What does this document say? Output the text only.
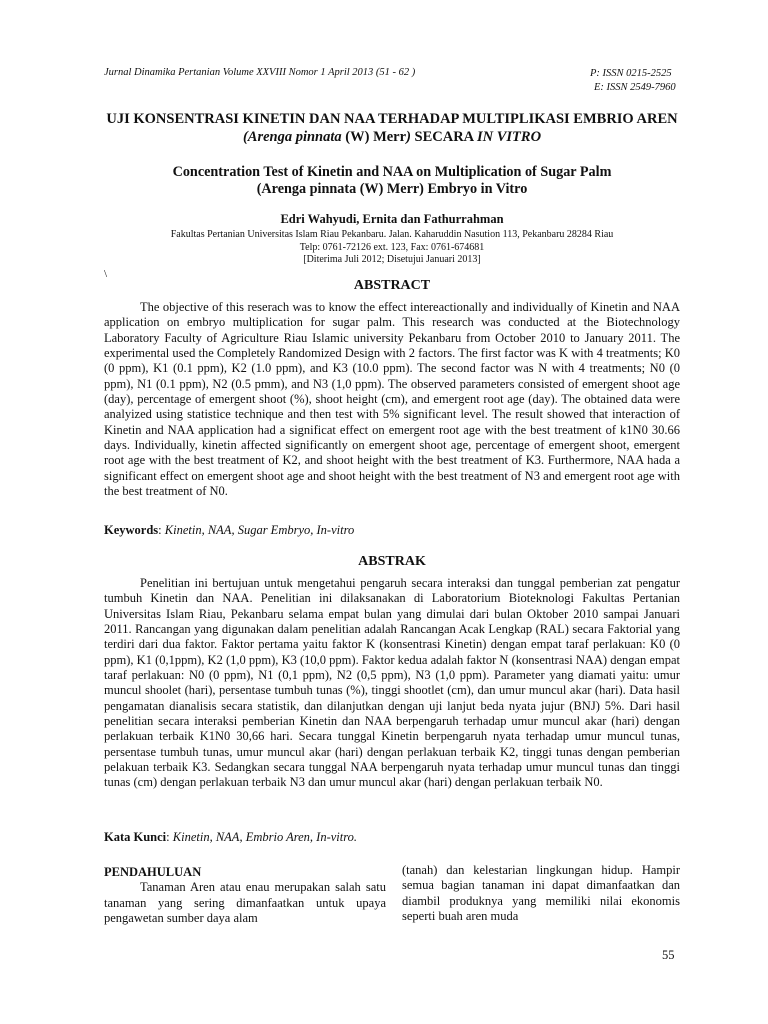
Jurnal Dinamika Pertanian Volume XXVIII Nomor 1 April 2013 (51 - 62 )	P: ISSN 0215-2525
E: ISSN 2549-7960
UJI KONSENTRASI KINETIN DAN NAA TERHADAP MULTIPLIKASI EMBRIO AREN (Arenga pinnata (W) Merr) SECARA IN VITRO
Concentration Test of Kinetin and NAA on Multiplication of Sugar Palm
(Arenga pinnata (W) Merr) Embryo in Vitro
Edri Wahyudi, Ernita dan Fathurrahman
Fakultas Pertanian Universitas Islam Riau Pekanbaru. Jalan. Kaharuddin Nasution 113, Pekanbaru 28284 Riau
Telp: 0761-72126 ext. 123, Fax: 0761-674681
[Diterima Juli 2012; Disetujui Januari 2013]
\
ABSTRACT

The objective of this reserach was to know the effect intereactionally and individually of Kinetin and NAA application on embryo multiplication for sugar palm. This research was conducted at the Biotechnology Laboratory Faculty of Agriculture Riau Islamic university Pekanbaru from October 2010 to January 2011. The experimental used the Completely Randomized Design with 2 factors. The first factor was K with 4 treatments; K0 (0 ppm), K1 (0.1 ppm), K2 (1.0 ppm), and K3 (10.0 ppm). The second factor was N with 4 treatments; N0 (0 ppm), N1 (0.1 ppm), N2 (0.5 pmm), and N3 (1,0 ppm). The observed parameters consisted of emergent shoot age (day), percentage of emergent shoot (%), shoot height (cm), and emergent root age (day). The obtained data were analyized using statistice technique and then test with 5% significant level. The result showed that interaction of Kinetin and NAA application had a significat effect on emergent root age with the best treatment of k1N0 30.66 days. Individually, kinetin affected significantly on emergent shoot age, percentage of emergent shoot, emergent root age with the best treatment of K2, and shoot height with the best treatment of K3. Furthermore, NAA hada a significant effect on emergent shoot age and shoot height with the best treatment of N3 and emergent root age with the best treatment of N0.

Keywords: Kinetin, NAA, Sugar Embryo, In-vitro
ABSTRAK

Penelitian ini bertujuan untuk mengetahui pengaruh secara interaksi dan tunggal pemberian zat pengatur tumbuh Kinetin dan NAA. Penelitian ini dilaksanakan di Laboratorium Bioteknologi Fakultas Pertanian Universitas Islam Riau, Pekanbaru selama empat bulan yang dimulai dari bulan Oktober 2010 sampai Januari 2011. Rancangan yang digunakan dalam penelitian adalah Rancangan Acak Lengkap (RAL) secara Faktorial yang terdiri dari dua faktor. Faktor pertama yaitu faktor K (konsentrasi Kinetin) dengan empat taraf perlakuan: K0 (0 ppm), K1 (0,1ppm), K2 (1,0 ppm), K3 (10,0 ppm). Faktor kedua adalah faktor N (konsentrasi NAA) dengan empat taraf perlakuan: N0 (0 ppm), N1 (0,1 ppm), N2 (0,5 ppm), N3 (1,0 ppm). Parameter yang diamati yaitu: umur muncul shoolet (hari), persentase tumbuh tunas (%), tinggi shootlet (cm), dan umur muncul akar (hari). Data hasil pengamatan dianalisis secara statistik, dan dilanjutkan dengan uji lanjut beda nyata jujur (BNJ) 5%. Dari hasil penelitian secara interaksi pemberian Kinetin dan NAA berpengaruh terhadap umur muncul akar (hari) dengan perlakuan terbaik K1N0 30,66 hari. Secara tunggal Kinetin berpengaruh nyata terhadap umur muncul tunas, persentase tumbuh tunas, umur muncul akar (hari) dengan perlakuan terbaik K2, tinggi tunas dengan pemberian pelakuan terbaik K3. Sedangkan secara tunggal NAA berpengaruh nyata terhadap umur muncul tunas dan tinggi tunas (cm) dengan perlakuan terbaik N3 dan umur muncul akar (hari) dengan perlakuan terbaik N0.

Kata Kunci: Kinetin, NAA, Embrio Aren, In-vitro.
PENDAHULUAN

Tanaman Aren atau enau merupakan salah satu tanaman yang sering dimanfaatkan untuk upaya pengawetan sumber daya alam

(tanah) dan kelestarian lingkungan hidup. Hampir semua bagian tanaman ini dapat dimanfaatkan dan diambil produknya yang memiliki nilai ekonomis seperti buah aren muda

55
